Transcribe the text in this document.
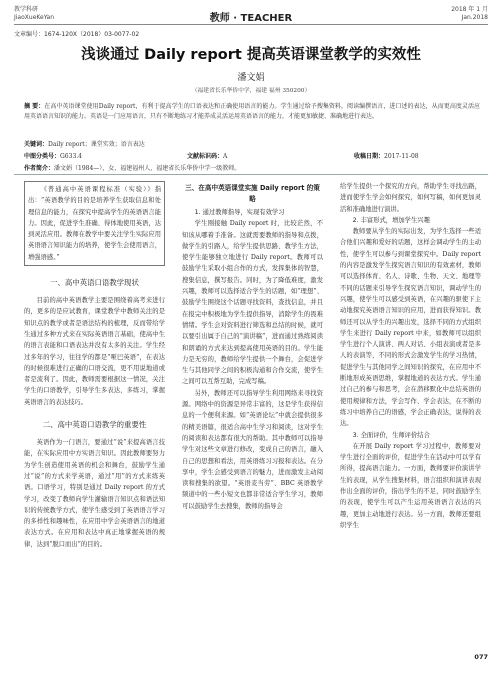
教学科研
JiaoXueKeYan	教师 · TEACHER
2018 年 1 月
Jan.2018
文章编号：1674-120X（2018）03-0077-02
浅谈通过 Daily report 提高英语课堂教学的实效性
潘文娟
（福建省长乐华侨中学，福建 福州 350200）
摘 要：在高中英语课堂使用Daily report，有利于提高学生的口语表达和正确使用语言的能力。学生通过给予搜集资料，阅读编撰语言，进口述的表达，从而更高度灵活应用英语语言知识的能力。英语是一门应用语言，只有不断地练习才能养成灵活运用英语语言的能力，才能更加敏捷、准确地进行表达。
关键词：Daily report；课堂实效；语言表达
中图分类号：G633.4	文献标识码：A	收稿日期：2017-11-08
作者简介：潘文娟（1984—），女，福建福州人，福建省长乐华侨中学一级教师。

《普通高中英语课程标准（实验）》指出：“英语教学的目的是培养学生获取信息和处理信息的能力，在探究中提高学生的英语语言能力。因此，促进学生准确、得体地使用英语，达到灵活应用。教师在教学中要关注学生实际应用英语语言知识能力的培养，使学生会使用语言，增强语感。”

一、高中英语口语教学现状

目前的高中英语教学主要是围绕着高考来进行的，更多的是应试教育，课堂教学中教师关注的是知识点的教学或者是语法结构的梳理，反而带给学生通过多种方式来在实际英语语言基础，使高中生的语言表能和口语表达并没有太多的关注。学生经过多年的学习，往往学的都是“哑巴英语”，在表达的时候很难进行正确的口语交流，更不用说地道或者是流利了。因此，教师需要根据这一情况，关注学生的口语教学，引导学生多表达，多练习，掌握英语语言的表达技巧。

二、高中英语口语教学的重要性

英语作为一门语言，要通过“说”来提高语言技能，在实际应用中方实语言知识。因此教师要努力为学生创造使用英语的机会和舞台，鼓励学生通过“说”的方式来学英语，通过“用”的方式来练英语。口语学习，特别是通过 Daily report 的方式学习，改变了教师向学生灌输语言知识点和语法知识的传统教学方式，使学生感受到了英语语言学习的多样性和趣味性，在应用中学会英语语言的地道表达方式。在应用和表达中真正地掌握英语的规律，达到“脱口而出”的目的。

三、在高中英语课堂实施 Daily report 的策略
1. 通过教师指导，实现有效学习

学生刚接触 Daily report 时，比较茫然，不知该从哪着手准备。这就需要教师的指导和点拨，做学生的引路人，给学生提供思路、教学生方法，使学生能够独立地进行 Daily report。教师可以鼓励学生采取小组合作的方式，发挥集体的智慧，搜集信息，撰写报告。同时，为了降低难度，激发兴趣，教师可以选择适合学生的话题，如“理想”、鼓励学生围绕这个话题寻找资料，查找信息，并且在报完中积极地为学生提供指导，消除学生的畏难情绪。学生会对资料进行筛选和总结的时候，就可以要引出属于自己的“演讲稿”，进而通过熟练阅读和朗诵的方式来达到提高使用英语的目的。学生能力是无穷的，教师给学生提供一个舞台，会促进学生与其他同学之间的积极沟通和合作交流，使学生之间可以互帮互助，完成写稿。

另外，教师还可以指导学生利用网络来寻找资源。网络中的资源是异常丰富的，这是学生获得信息的一个便利来源。如“英语论坛”中就会提供很多的精美语篇，很适合高中生学习和阅读，这对学生的阅读和表达都有很大的帮助。其中教师可以指导学生对这些文章进行修改，变成自己的语言，融入自己的思想和看法，用英语练习习报和表达。在分享中，学生会感受到语言的魅力，进而激发主动阅读和搜集的欲望。“英语麦当劳”、BBC 英语教学频道中的一些小短文也都非常适合学生学习，教师可以鼓励学生去搜集，教师的指导会

给学生提供一个探究的方向，帮助学生寻找出路，进而使学生学会如何探究，如何写稿，如何更加灵活和准确地进行演讲。

2. 丰富形式，增加学生兴趣

教师要从学生的实际出发，为学生选择一些适合他们兴趣和爱好的话题，这样会调动学生的主动性，使学生可以参与到课堂探究中。Daily report 的内容是激发学生探究语言知识的有效素材，教师可以选择体育、名人、诗歌、生物、天文、地理等不同的话题来引导学生探究语言知识，调动学生的兴趣，使学生可以感受到英语，在兴趣的驱使下主动地探究英语语言知识的应用，进而获得知识。教师还可以从学生的兴趣出发，选择不同的方式组织学生来进行 Daily report 中来，如教师可以组织学生进行个人演讲、两人对话、小组表演或者是多人的表演等，不同的形式会激发学生的学习热情，促进学生与其他同学之间知识的探究，在应用中不断地形成英语思维，掌握地道的表达方式。学生通过自己的参与和思考，会在潜移默化中总结英语的使用规律和方法，学会写作、学会表达，在不断的练习中培养自己的语感，学会正确表达，说得的表达。

3. 全面评价，生师评价结合

在开展 Daily report 学习过程中，教师要对学生进行全面的评价，促进学生在活动中可以学有所得，提高语言能力。一方面，教师要评价演讲学生的表现，从学生搜集材料，语言组织和演讲表现作出全面的评价，指出学生的不足，同时鼓励学生的表现，使学生可以产生运用英语语言表达的兴趣，更加主动地进行表达。另一方面，教师还要组织学生

077
